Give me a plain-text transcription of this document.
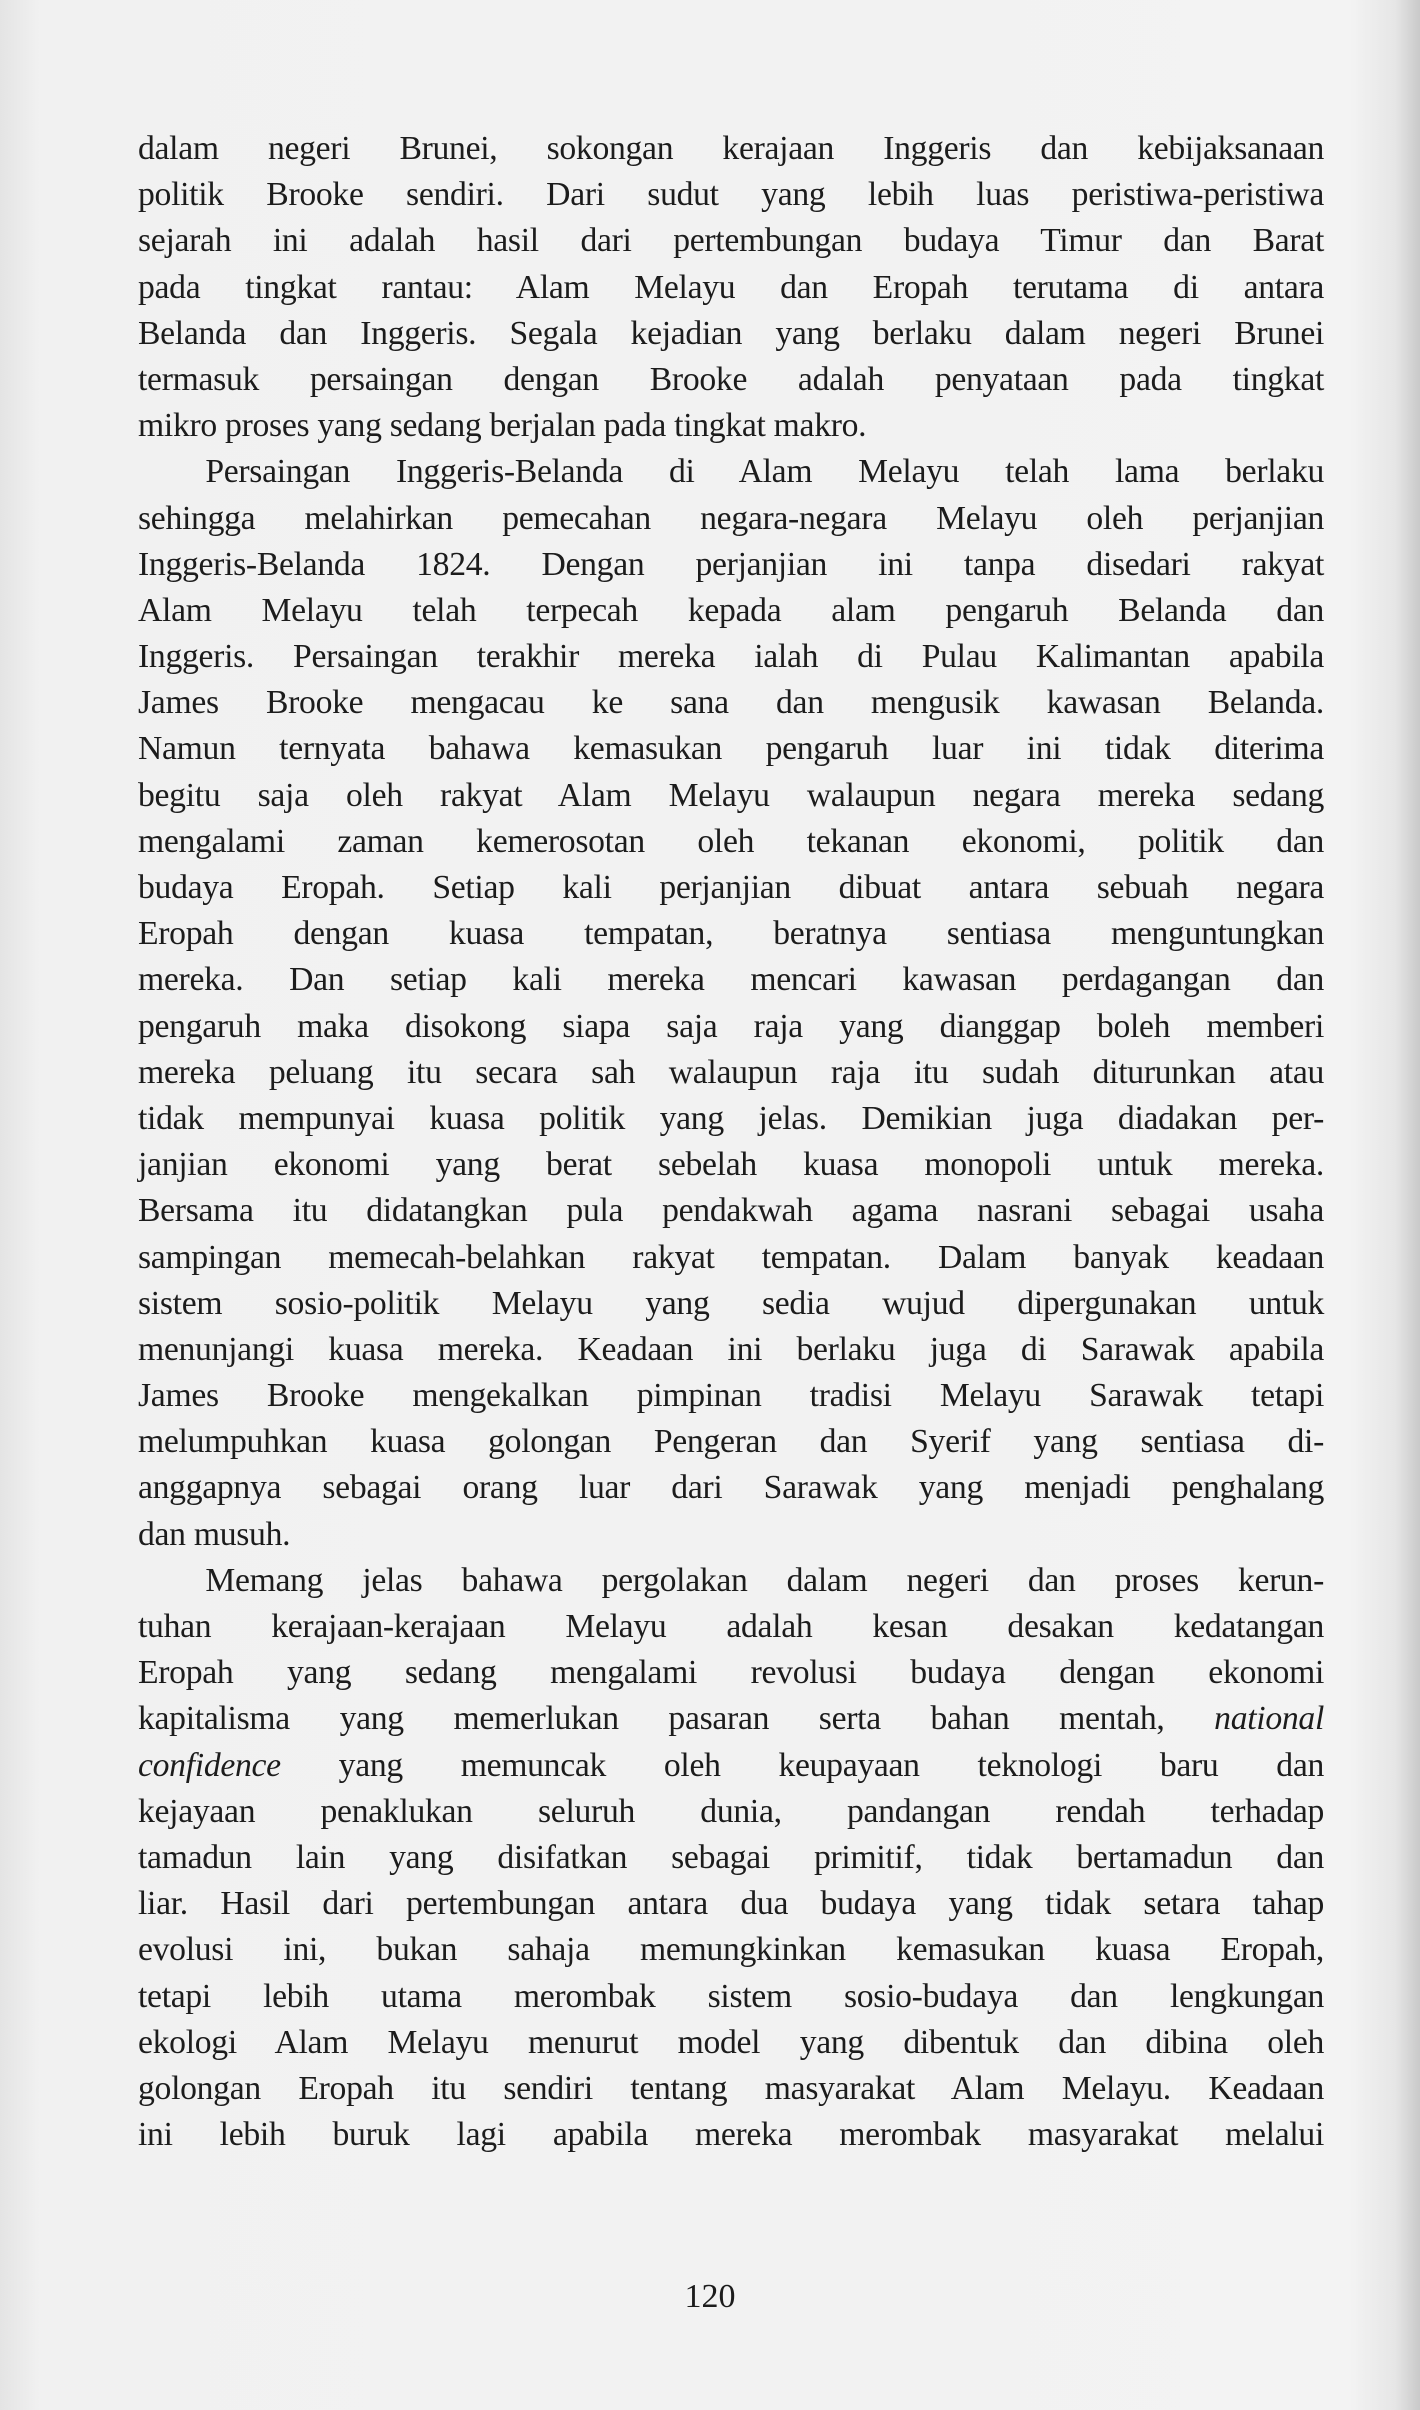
dalam negeri Brunei, sokongan kerajaan Inggeris dan kebijaksanaan
politik Brooke sendiri. Dari sudut yang lebih luas peristiwa-peristiwa
sejarah ini adalah hasil dari pertembungan budaya Timur dan Barat
pada tingkat rantau: Alam Melayu dan Eropah terutama di antara
Belanda dan Inggeris. Segala kejadian yang berlaku dalam negeri Brunei
termasuk persaingan dengan Brooke adalah penyataan pada tingkat
mikro proses yang sedang berjalan pada tingkat makro.
Persaingan Inggeris-Belanda di Alam Melayu telah lama berlaku
sehingga melahirkan pemecahan negara-negara Melayu oleh perjanjian
Inggeris-Belanda 1824. Dengan perjanjian ini tanpa disedari rakyat
Alam Melayu telah terpecah kepada alam pengaruh Belanda dan
Inggeris. Persaingan terakhir mereka ialah di Pulau Kalimantan apabila
James Brooke mengacau ke sana dan mengusik kawasan Belanda.
Namun ternyata bahawa kemasukan pengaruh luar ini tidak diterima
begitu saja oleh rakyat Alam Melayu walaupun negara mereka sedang
mengalami zaman kemerosotan oleh tekanan ekonomi, politik dan
budaya Eropah. Setiap kali perjanjian dibuat antara sebuah negara
Eropah dengan kuasa tempatan, beratnya sentiasa menguntungkan
mereka. Dan setiap kali mereka mencari kawasan perdagangan dan
pengaruh maka disokong siapa saja raja yang dianggap boleh memberi
mereka peluang itu secara sah walaupun raja itu sudah diturunkan atau
tidak mempunyai kuasa politik yang jelas. Demikian juga diadakan per-
janjian ekonomi yang berat sebelah kuasa monopoli untuk mereka.
Bersama itu didatangkan pula pendakwah agama nasrani sebagai usaha
sampingan memecah-belahkan rakyat tempatan. Dalam banyak keadaan
sistem sosio-politik Melayu yang sedia wujud dipergunakan untuk
menunjangi kuasa mereka. Keadaan ini berlaku juga di Sarawak apabila
James Brooke mengekalkan pimpinan tradisi Melayu Sarawak tetapi
melumpuhkan kuasa golongan Pengeran dan Syerif yang sentiasa di-
anggapnya sebagai orang luar dari Sarawak yang menjadi penghalang
dan musuh.
Memang jelas bahawa pergolakan dalam negeri dan proses kerun-
tuhan kerajaan-kerajaan Melayu adalah kesan desakan kedatangan
Eropah yang sedang mengalami revolusi budaya dengan ekonomi
kapitalisma yang memerlukan pasaran serta bahan mentah, national
confidence yang memuncak oleh keupayaan teknologi baru dan
kejayaan penaklukan seluruh dunia, pandangan rendah terhadap
tamadun lain yang disifatkan sebagai primitif, tidak bertamadun dan
liar. Hasil dari pertembungan antara dua budaya yang tidak setara tahap
evolusi ini, bukan sahaja memungkinkan kemasukan kuasa Eropah,
tetapi lebih utama merombak sistem sosio-budaya dan lengkungan
ekologi Alam Melayu menurut model yang dibentuk dan dibina oleh
golongan Eropah itu sendiri tentang masyarakat Alam Melayu. Keadaan
ini lebih buruk lagi apabila mereka merombak masyarakat melalui
120
